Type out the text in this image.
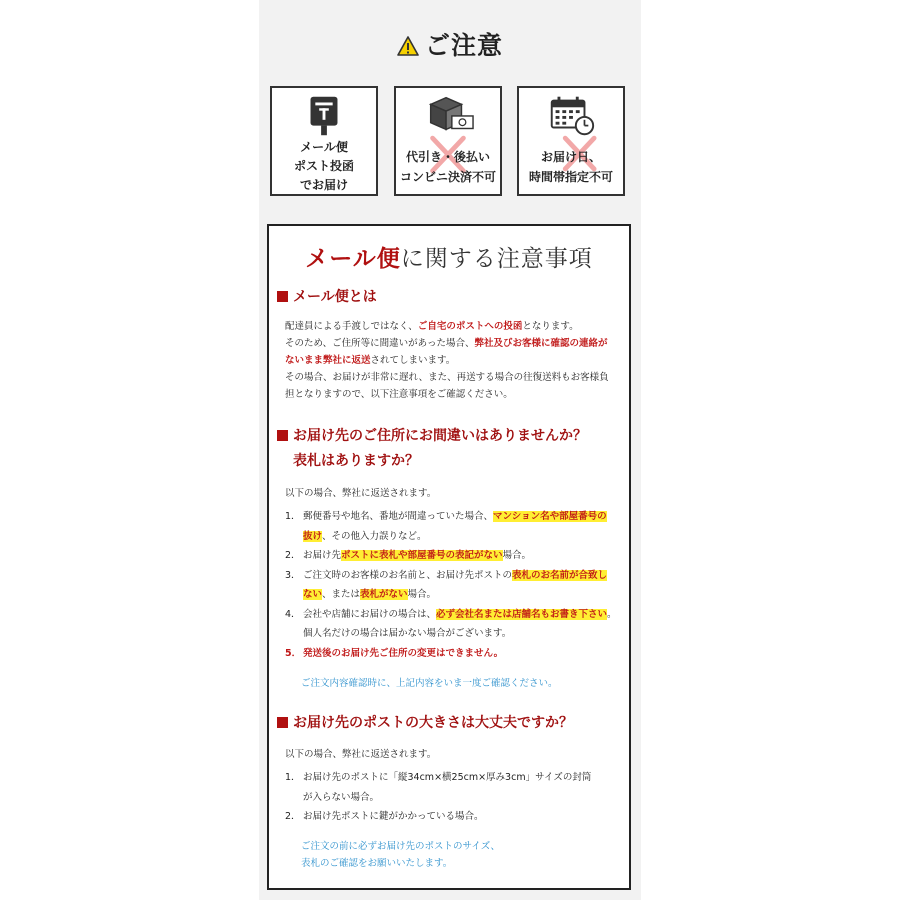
ご注意
メール便
ポスト投函
でお届け
代引き・後払い
コンビニ決済不可
お届け日、
時間帯指定不可
メール便に関する注意事項
メール便とは
配達員による手渡しではなく、ご自宅のポストへの投函となります。
そのため、ご住所等に間違いがあった場合、弊社及びお客様に確認の連絡が
ないまま弊社に返送されてしまいます。
その場合、お届けが非常に遅れ、また、再送する場合の往復送料もお客様負
担となりますので、以下注意事項をご確認ください。
お届け先のご住所にお間違いはありませんか？
表札はありますか？
以下の場合、弊社に返送されます。
1． 郵便番号や地名、番地が間違っていた場合、マンション名や部屋番号の
抜け、その他入力誤りなど。
2． お届け先ポストに表札や部屋番号の表記がない場合。
3． ご注文時のお客様のお名前と、お届け先ポストの表札のお名前が合致し
ない、または表札がない場合。
4． 会社や店舗にお届けの場合は、必ず会社名または店舗名もお書き下さい。
個人名だけの場合は届かない場合がございます。
5． 発送後のお届け先ご住所の変更はできません。
ご注文内容確認時に、上記内容をいま一度ご確認ください。
お届け先のポストの大きさは大丈夫ですか？
以下の場合、弊社に返送されます。
1． お届け先のポストに「縦34cm×横25cm×厚み3cm」サイズの封筒
が入らない場合。
2． お届け先ポストに鍵がかかっている場合。
ご注文の前に必ずお届け先のポストのサイズ、
表札のご確認をお願いいたします。
